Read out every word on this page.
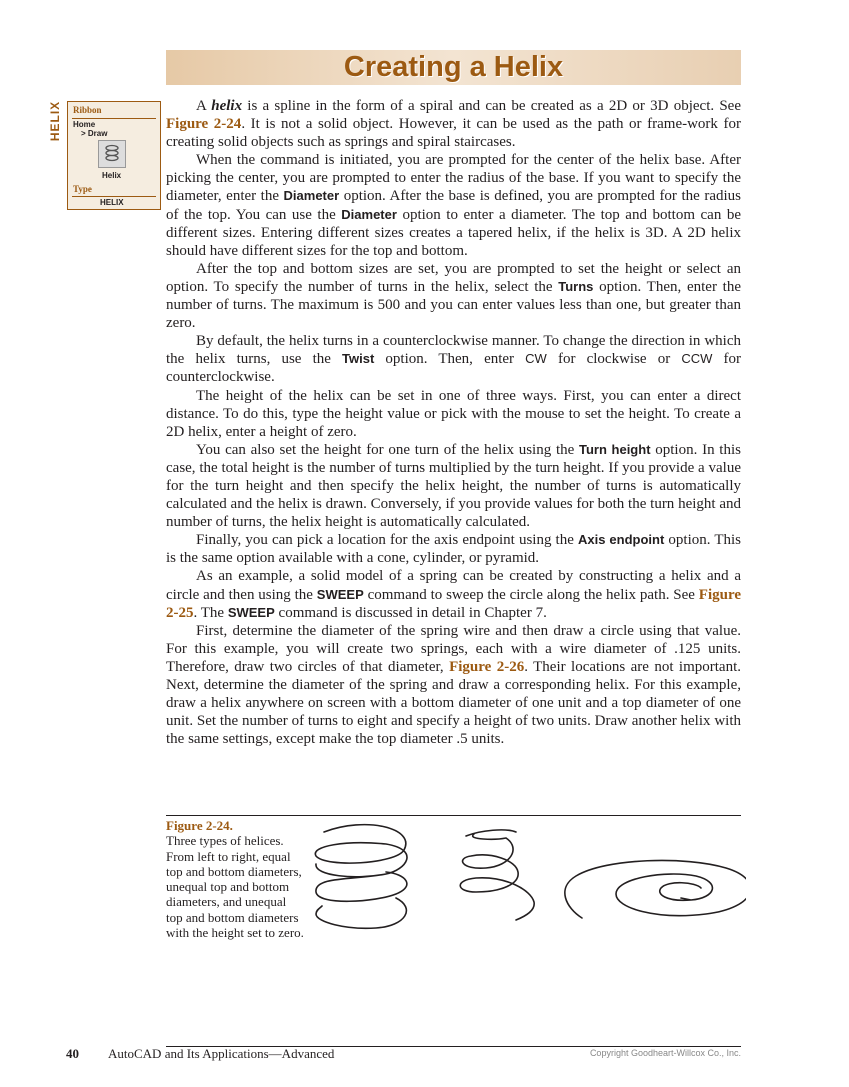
Creating a Helix
HELIX Ribbon
Home
> Draw
Helix
Type
HELIX

A helix is a spline in the form of a spiral and can be created as a 2D or 3D object. See Figure 2-24. It is not a solid object. However, it can be used as the path or frame-work for creating solid objects such as springs and spiral staircases.

When the command is initiated, you are prompted for the center of the helix base. After picking the center, you are prompted to enter the radius of the base. If you want to specify the diameter, enter the Diameter option. After the base is defined, you are prompted for the radius of the top. You can use the Diameter option to enter a diameter. The top and bottom can be different sizes. Entering different sizes creates a tapered helix, if the helix is 3D. A 2D helix should have different sizes for the top and bottom.

After the top and bottom sizes are set, you are prompted to set the height or select an option. To specify the number of turns in the helix, select the Turns option. Then, enter the number of turns. The maximum is 500 and you can enter values less than one, but greater than zero.

By default, the helix turns in a counterclockwise manner. To change the direction in which the helix turns, use the Twist option. Then, enter CW for clockwise or CCW for counterclockwise.

The height of the helix can be set in one of three ways. First, you can enter a direct distance. To do this, type the height value or pick with the mouse to set the height. To create a 2D helix, enter a height of zero.

You can also set the height for one turn of the helix using the Turn height option. In this case, the total height is the number of turns multiplied by the turn height. If you provide a value for the turn height and then specify the helix height, the number of turns is automatically calculated and the helix is drawn. Conversely, if you provide values for both the turn height and number of turns, the helix height is automatically calculated.

Finally, you can pick a location for the axis endpoint using the Axis endpoint option. This is the same option available with a cone, cylinder, or pyramid.

As an example, a solid model of a spring can be created by constructing a helix and a circle and then using the SWEEP command to sweep the circle along the helix path. See Figure 2-25. The SWEEP command is discussed in detail in Chapter 7.

First, determine the diameter of the spring wire and then draw a circle using that value. For this example, you will create two springs, each with a wire diameter of .125 units. Therefore, draw two circles of that diameter, Figure 2-26. Their locations are not important. Next, determine the diameter of the spring and draw a corresponding helix. For this example, draw a helix anywhere on screen with a bottom diameter of one unit and a top diameter of one unit. Set the number of turns to eight and specify a height of two units. Draw another helix with the same settings, except make the top diameter .5 units.

Figure 2-24.
Three types of helices. From left to right, equal top and bottom diameters, unequal top and bottom diameters, and unequal top and bottom diameters with the height set to zero.
40 AutoCAD and Its Applications—Advanced	Copyright Goodheart-Willcox Co., Inc.
